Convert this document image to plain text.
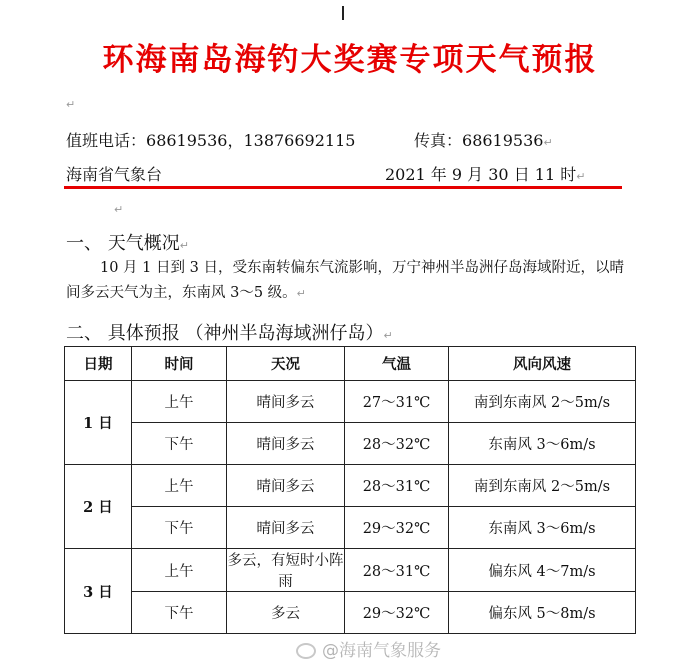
环海南岛海钓大奖赛专项天气预报
↵
值班电话：68619536，13876692115	传真：68619536↵
海南省气象台	2021 年 9 月 30 日 11 时↵
↵
一、 天气概况↵
10 月 1 日到 3 日，受东南转偏东气流影响，万宁神州半岛洲仔岛海域附近，以晴间多云天气为主，东南风 3～5 级。↵
二、 具体预报 （神州半岛海域洲仔岛）↵
日期	时间	天况	气温	风向风速
1 日	上午	晴间多云	27～31℃	南到东南风 2～5m/s
	下午	晴间多云	28～32℃	东南风 3～6m/s
2 日	上午	晴间多云	28～31℃	南到东南风 2～5m/s
	下午	晴间多云	29～32℃	东南风 3～6m/s
3 日	上午	多云，有短时小阵雨	28～31℃	偏东风 4～7m/s
	下午	多云	29～32℃	偏东风 5～8m/s
@海南气象服务
